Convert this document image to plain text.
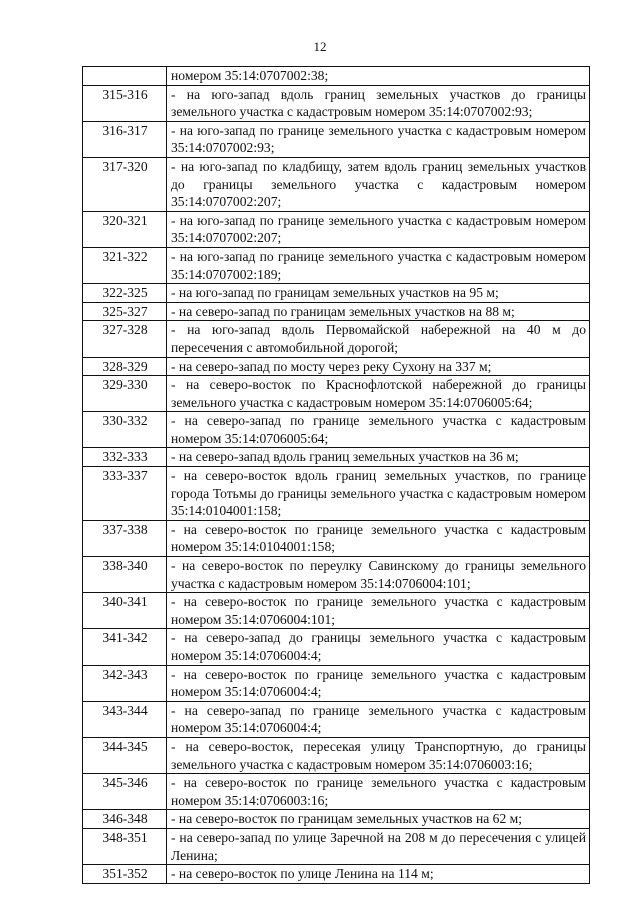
12
	номером 35:14:0707002:38;
315-316	- на юго-запад вдоль границ земельных участков до границы земельного участка с кадастровым номером 35:14:0707002:93;
316-317	- на юго-запад по границе земельного участка с кадастровым номером 35:14:0707002:93;
317-320	- на юго-запад по кладбищу, затем вдоль границ земельных участков до границы земельного участка с кадастровым номером 35:14:0707002:207;
320-321	- на юго-запад по границе земельного участка с кадастровым номером 35:14:0707002:207;
321-322	- на юго-запад по границе земельного участка с кадастровым номером 35:14:0707002:189;
322-325	- на юго-запад по границам земельных участков на 95 м;
325-327	- на северо-запад по границам земельных участков на 88 м;
327-328	- на юго-запад вдоль Первомайской набережной на 40 м до пересечения с автомобильной дорогой;
328-329	- на северо-запад по мосту через реку Сухону на 337 м;
329-330	- на северо-восток по Краснофлотской набережной до границы земельного участка с кадастровым номером 35:14:0706005:64;
330-332	- на северо-запад по границе земельного участка с кадастровым номером 35:14:0706005:64;
332-333	- на северо-запад вдоль границ земельных участков на 36 м;
333-337	- на северо-восток вдоль границ земельных участков, по границе города Тотьмы до границы земельного участка с кадастровым номером 35:14:0104001:158;
337-338	- на северо-восток по границе земельного участка с кадастровым номером 35:14:0104001:158;
338-340	- на северо-восток по переулку Савинскому до границы земельного участка с кадастровым номером 35:14:0706004:101;
340-341	- на северо-восток по границе земельного участка с кадастровым номером 35:14:0706004:101;
341-342	- на северо-запад до границы земельного участка с кадастровым номером 35:14:0706004:4;
342-343	- на северо-восток по границе земельного участка с кадастровым номером 35:14:0706004:4;
343-344	- на северо-запад по границе земельного участка с кадастровым номером 35:14:0706004:4;
344-345	- на северо-восток, пересекая улицу Транспортную, до границы земельного участка с кадастровым номером 35:14:0706003:16;
345-346	- на северо-восток по границе земельного участка с кадастровым номером 35:14:0706003:16;
346-348	- на северо-восток по границам земельных участков на 62 м;
348-351	- на северо-запад по улице Заречной на 208 м до пересечения с улицей Ленина;
351-352	- на северо-восток по улице Ленина на 114 м;
